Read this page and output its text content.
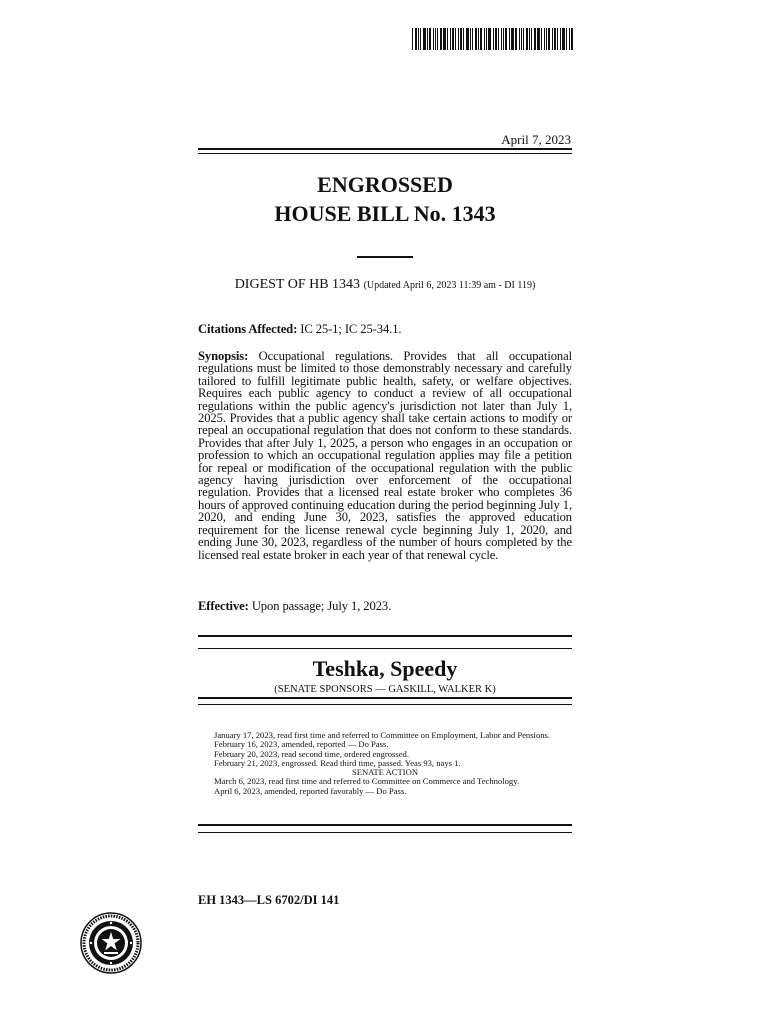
April 7, 2023
ENGROSSED
HOUSE BILL No. 1343
DIGEST OF HB 1343 (Updated April 6, 2023 11:39 am - DI 119)
Citations Affected: IC 25-1; IC 25-34.1.
Synopsis: Occupational regulations. Provides that all occupational regulations must be limited to those demonstrably necessary and carefully tailored to fulfill legitimate public health, safety, or welfare objectives. Requires each public agency to conduct a review of all occupational regulations within the public agency's jurisdiction not later than July 1, 2025. Provides that a public agency shall take certain actions to modify or repeal an occupational regulation that does not conform to these standards. Provides that after July 1, 2025, a person who engages in an occupation or profession to which an occupational regulation applies may file a petition for repeal or modification of the occupational regulation with the public agency having jurisdiction over enforcement of the occupational regulation. Provides that a licensed real estate broker who completes 36 hours of approved continuing education during the period beginning July 1, 2020, and ending June 30, 2023, satisfies the approved education requirement for the license renewal cycle beginning July 1, 2020, and ending June 30, 2023, regardless of the number of hours completed by the licensed real estate broker in each year of that renewal cycle.
Effective: Upon passage; July 1, 2023.
Teshka, Speedy
(SENATE SPONSORS — GASKILL, WALKER K)
January 17, 2023, read first time and referred to Committee on Employment, Labor and Pensions.
February 16, 2023, amended, reported — Do Pass.
February 20, 2023, read second time, ordered engrossed.
February 21, 2023, engrossed. Read third time, passed. Yeas 93, nays 1.
SENATE ACTION
March 6, 2023, read first time and referred to Committee on Commerce and Technology.
April 6, 2023, amended, reported favorably — Do Pass.
EH 1343—LS 6702/DI 141
